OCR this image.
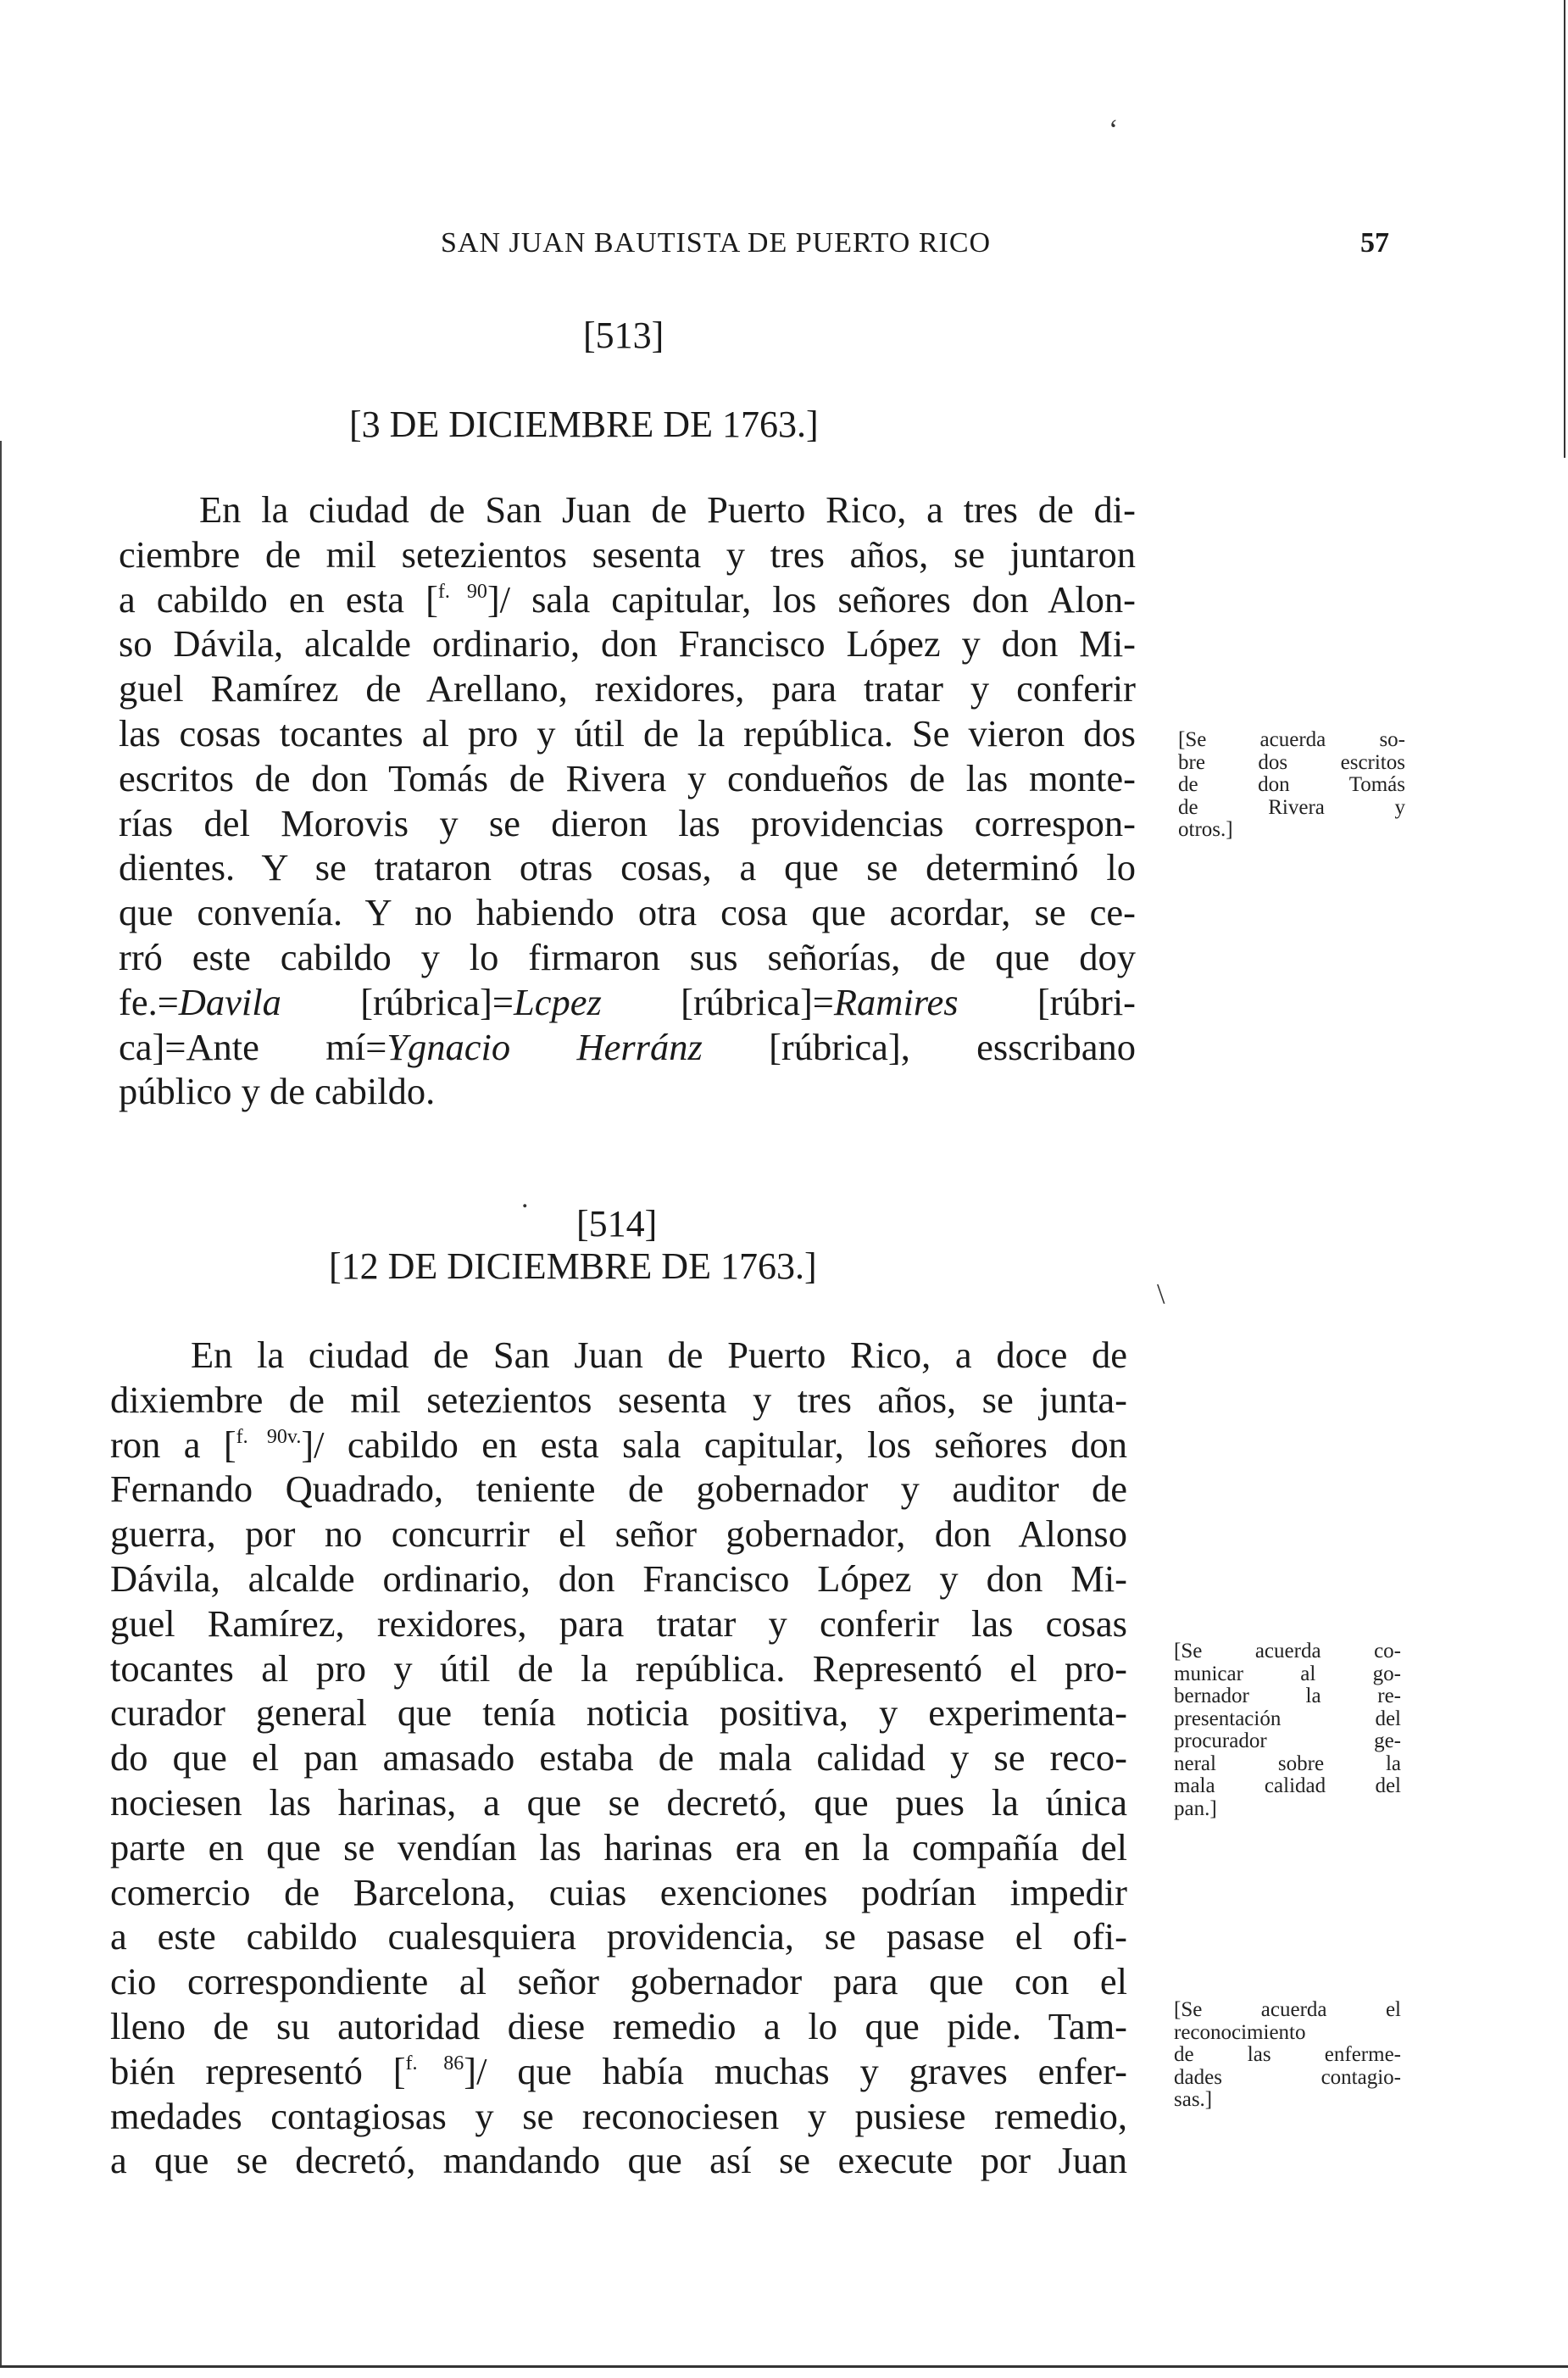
ʻ
.
\
SAN JUAN BAUTISTA DE PUERTO RICO	57
[513]
[3 DE DICIEMBRE DE 1763.]
En la ciudad de San Juan de Puerto Rico, a tres de di-
ciembre de mil setezientos sesenta y tres años, se juntaron
a cabildo en esta [$^{f. 90}$]/ sala capitular, los señores don Alon-
so Dávila, alcalde ordinario, don Francisco López y don Mi-
guel Ramírez de Arellano, rexidores, para tratar y conferir
las cosas tocantes al pro y útil de la república. Se vieron dos
escritos de don Tomás de Rivera y condueños de las monte-
rías del Morovis y se dieron las providencias correspon-
dientes. Y se trataron otras cosas, a que se determinó lo
que convenía. Y no habiendo otra cosa que acordar, se ce-
rró este cabildo y lo firmaron sus señorías, de que doy
fe.=Davila [rúbrica]=Lcpez [rúbrica]=Ramires [rúbri-
ca]=Ante mí=Ygnacio Herránz [rúbrica], esscribano
público y de cabildo.
[Se acuerda so-
bre dos escritos
de don Tomás
de Rivera y
otros.]
[514]
[12 DE DICIEMBRE DE 1763.]
En la ciudad de San Juan de Puerto Rico, a doce de
dixiembre de mil setezientos sesenta y tres años, se junta-
ron a [$^{f. 90v.}$]/ cabildo en esta sala capitular, los señores don
Fernando Quadrado, teniente de gobernador y auditor de
guerra, por no concurrir el señor gobernador, don Alonso
Dávila, alcalde ordinario, don Francisco López y don Mi-
guel Ramírez, rexidores, para tratar y conferir las cosas
tocantes al pro y útil de la república. Representó el pro-
curador general que tenía noticia positiva, y experimenta-
do que el pan amasado estaba de mala calidad y se reco-
nociesen las harinas, a que se decretó, que pues la única
parte en que se vendían las harinas era en la compañía del
comercio de Barcelona, cuias exenciones podrían impedir
a este cabildo cualesquiera providencia, se pasase el ofi-
cio correspondiente al señor gobernador para que con el
lleno de su autoridad diese remedio a lo que pide. Tam-
bién representó [$^{f. 86}$]/ que había muchas y graves enfer-
medades contagiosas y se reconociesen y pusiese remedio,
a que se decretó, mandando que así se execute por Juan
[Se acuerda co-
municar al go-
bernador la re-
presentación del
procurador ge-
neral sobre la
mala calidad del
pan.]
[Se acuerda el
reconocimiento
de las enferme-
dades contagio-
sas.]
